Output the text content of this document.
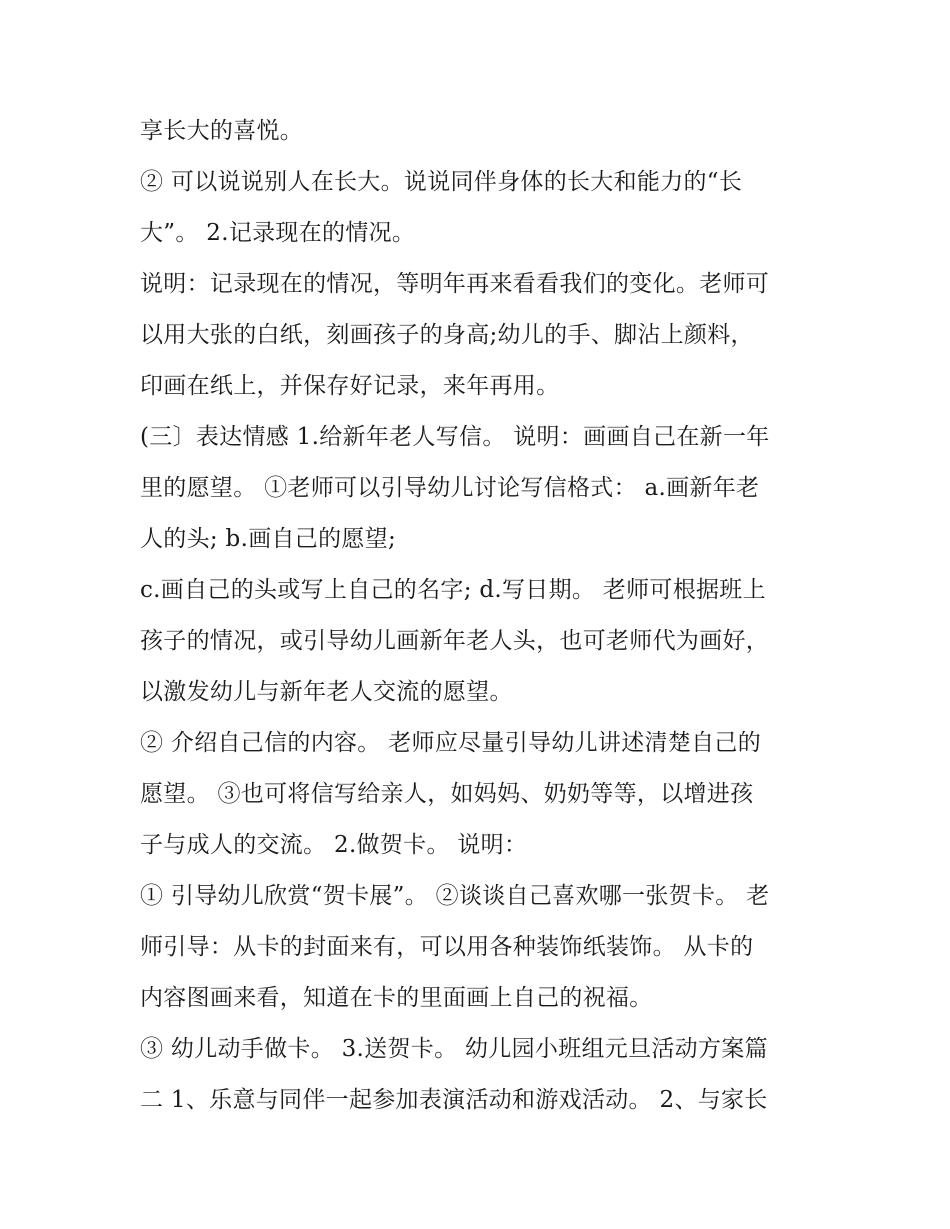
享长大的喜悦。
② 可以说说别人在长大。说说同伴身体的长大和能力的“长
大”。 2.记录现在的情况。
说明：记录现在的情况，等明年再来看看我们的变化。老师可
以用大张的白纸，刻画孩子的身高;幼儿的手、脚沾上颜料，
印画在纸上，并保存好记录，来年再用。
(三〕表达情感 1.给新年老人写信。 说明：画画自己在新一年
里的愿望。 ①老师可以引导幼儿讨论写信格式： a.画新年老
人的头; b.画自己的愿望;
c.画自己的头或写上自己的名字; d.写日期。 老师可根据班上
孩子的情况，或引导幼儿画新年老人头，也可老师代为画好，
以激发幼儿与新年老人交流的愿望。
② 介绍自己信的内容。 老师应尽量引导幼儿讲述清楚自己的
愿望。 ③也可将信写给亲人，如妈妈、奶奶等等，以增进孩
子与成人的交流。 2.做贺卡。 说明：
① 引导幼儿欣赏“贺卡展”。 ②谈谈自己喜欢哪一张贺卡。 老
师引导：从卡的封面来有，可以用各种装饰纸装饰。 从卡的
内容图画来看，知道在卡的里面画上自己的祝福。
③ 幼儿动手做卡。 3.送贺卡。 幼儿园小班组元旦活动方案篇
二 1、乐意与同伴一起参加表演活动和游戏活动。 2、与家长
